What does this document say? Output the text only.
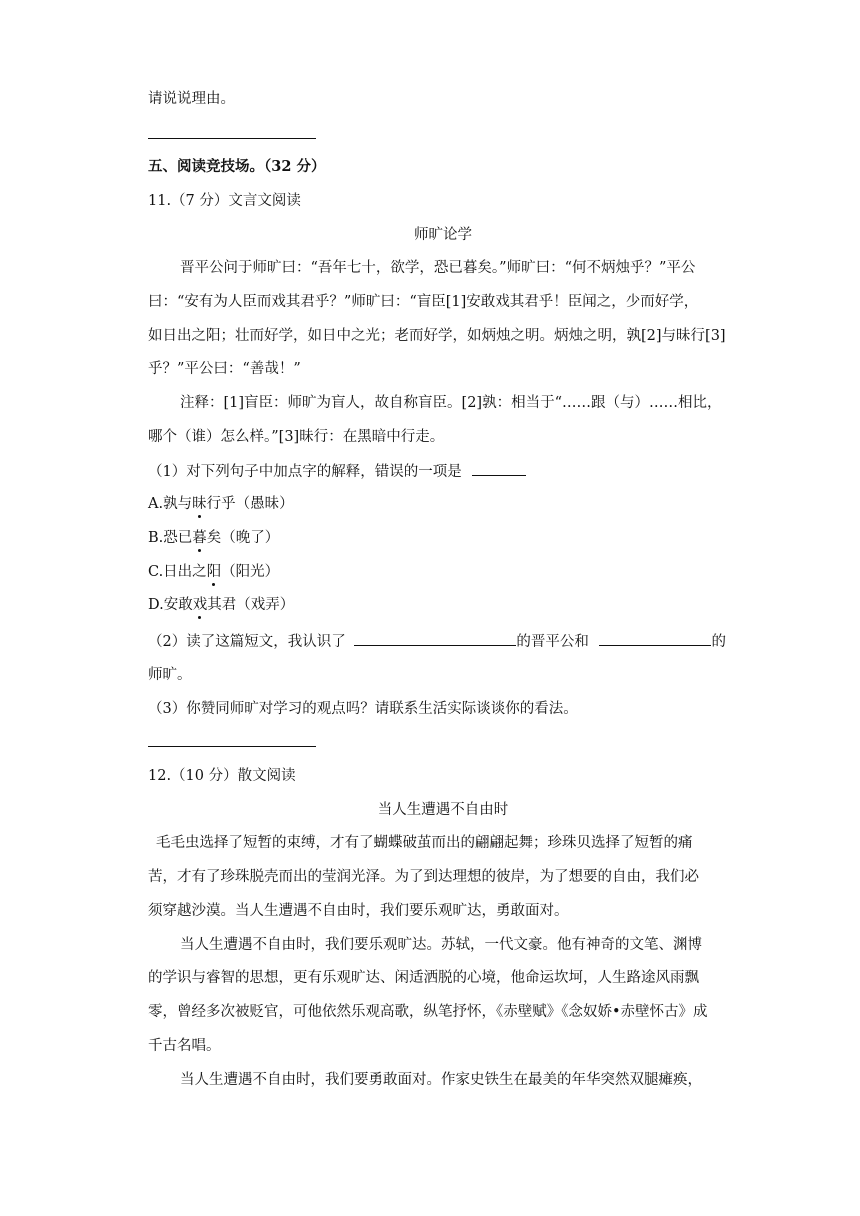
请说说理由。
五、阅读竞技场。（32 分）
11.（7 分）文言文阅读
师旷论学
晋平公问于师旷曰：“吾年七十，欲学，恐已暮矣。”师旷曰：“何不炳烛乎？”平公
曰：“安有为人臣而戏其君乎？”师旷曰：“盲臣[1]安敢戏其君乎！臣闻之，少而好学，
如日出之阳；壮而好学，如日中之光；老而好学，如炳烛之明。炳烛之明，孰[2]与昧行[3]
乎？”平公曰：“善哉！”
注释：[1]盲臣：师旷为盲人，故自称盲臣。[2]孰：相当于“……跟（与）……相比，
哪个（谁）怎么样。”[3]昧行：在黑暗中行走。
（1）对下列句子中加点字的解释，错误的一项是
A.孰与昧行乎（愚昧）
B.恐已暮矣（晚了）
C.日出之阳（阳光）
D.安敢戏其君（戏弄）
（2）读了这篇短文，我认识了	的晋平公和	的
师旷。
（3）你赞同师旷对学习的观点吗？请联系生活实际谈谈你的看法。
12.（10 分）散文阅读
当人生遭遇不自由时
毛毛虫选择了短暂的束缚，才有了蝴蝶破茧而出的翩翩起舞；珍珠贝选择了短暂的痛
苦，才有了珍珠脱壳而出的莹润光泽。为了到达理想的彼岸，为了想要的自由，我们必
须穿越沙漠。当人生遭遇不自由时，我们要乐观旷达，勇敢面对。
当人生遭遇不自由时，我们要乐观旷达。苏轼，一代文豪。他有神奇的文笔、渊博
的学识与睿智的思想，更有乐观旷达、闲适洒脱的心境，他命运坎坷，人生路途风雨飘
零，曾经多次被贬官，可他依然乐观高歌，纵笔抒怀，《赤壁赋》《念奴娇•赤壁怀古》成
千古名唱。
当人生遭遇不自由时，我们要勇敢面对。作家史铁生在最美的年华突然双腿瘫痪，
